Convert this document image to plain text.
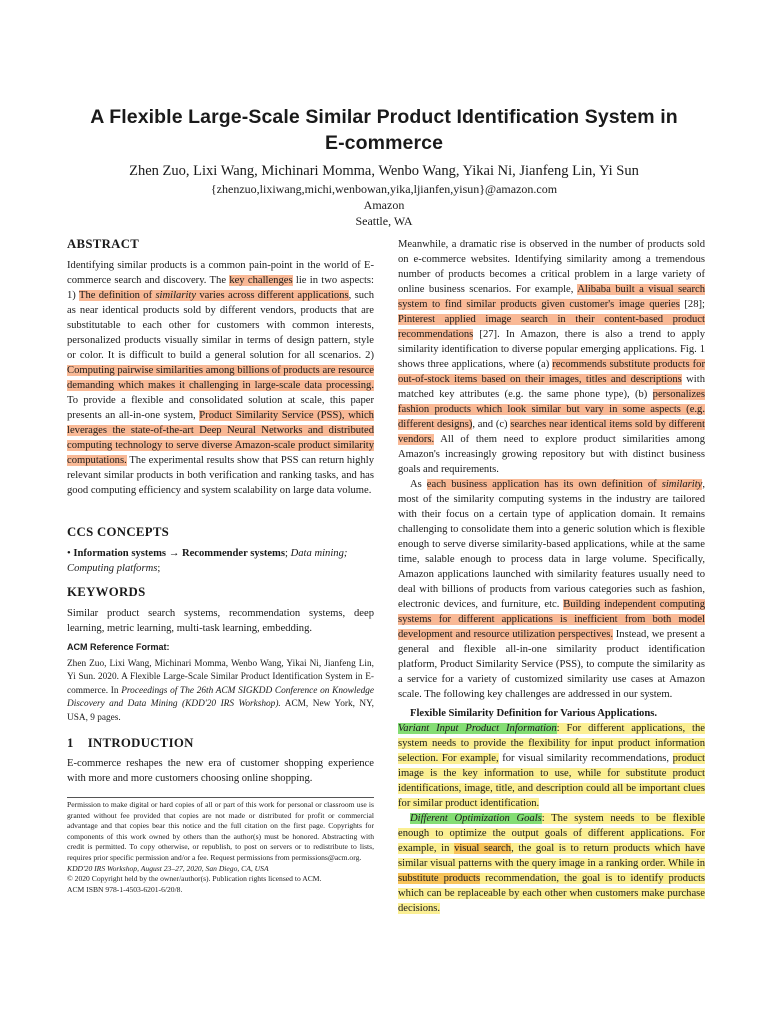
A Flexible Large-Scale Similar Product Identification System in
E-commerce
Zhen Zuo, Lixi Wang, Michinari Momma, Wenbo Wang, Yikai Ni, Jianfeng Lin, Yi Sun
{zhenzuo,lixiwang,michi,wenbowan,yika,ljianfen,yisun}@amazon.com
Amazon
Seattle, WA
ABSTRACT

Identifying similar products is a common pain-point in the world of E-commerce search and discovery. The key challenges lie in two aspects: 1) The definition of similarity varies across different applications, such as near identical products sold by different vendors, products that are substitutable to each other for customers with common interests, personalized products visually similar in terms of design pattern, style or color. It is difficult to build a general solution for all scenarios. 2) Computing pairwise similarities among billions of products are resource demanding which makes it challenging in large-scale data processing. To provide a flexible and consolidated solution at scale, this paper presents an all-in-one system, Product Similarity Service (PSS), which leverages the state-of-the-art Deep Neural Networks and distributed computing technology to serve diverse Amazon-scale product similarity computations. The experimental results show that PSS can return highly relevant similar products in both verification and ranking tasks, and has good computing efficiency and system scalability on large data volume.

CCS CONCEPTS

• Information systems → Recommender systems; Data mining; Computing platforms;

KEYWORDS

Similar product search systems, recommendation systems, deep learning, metric learning, multi-task learning, embedding.

ACM Reference Format:

Zhen Zuo, Lixi Wang, Michinari Momma, Wenbo Wang, Yikai Ni, Jianfeng Lin, Yi Sun. 2020. A Flexible Large-Scale Similar Product Identification System in E-commerce. In Proceedings of The 26th ACM SIGKDD Conference on Knowledge Discovery and Data Mining (KDD'20 IRS Workshop). ACM, New York, NY, USA, 9 pages.

1 INTRODUCTION

E-commerce reshapes the new era of customer shopping experience with more and more customers choosing online shopping.

Permission to make digital or hard copies of all or part of this work for personal or classroom use is granted without fee provided that copies are not made or distributed for profit or commercial advantage and that copies bear this notice and the full citation on the first page. Copyrights for components of this work owned by others than the author(s) must be honored. Abstracting with credit is permitted. To copy otherwise, or republish, to post on servers or to redistribute to lists, requires prior specific permission and/or a fee. Request permissions from permissions@acm.org.

KDD'20 IRS Workshop, August 23–27, 2020, San Diego, CA, USA

© 2020 Copyright held by the owner/author(s). Publication rights licensed to ACM.

ACM ISBN 978-1-4503-6201-6/20/8.

Meanwhile, a dramatic rise is observed in the number of products sold on e-commerce websites. Identifying similarity among a tremendous number of products becomes a critical problem in a large variety of online business scenarios. For example, Alibaba built a visual search system to find similar products given customer's image queries [28]; Pinterest applied image search in their content-based product recommendations [27]. In Amazon, there is also a trend to apply similarity identification to diverse popular emerging applications. Fig. 1 shows three applications, where (a) recommends substitute products for out-of-stock items based on their images, titles and descriptions with matched key attributes (e.g. the same phone type), (b) personalizes fashion products which look similar but vary in some aspects (e.g. different designs), and (c) searches near identical items sold by different vendors. All of them need to explore product similarities among Amazon's increasingly growing repository but with distinct business goals and requirements.

As each business application has its own definition of similarity, most of the similarity computing systems in the industry are tailored with their focus on a certain type of application domain. It remains challenging to consolidate them into a generic solution which is flexible enough to serve diverse similarity-based applications, while at the same time, salable enough to process data in large volume. Specifically, Amazon applications launched with similarity features usually need to deal with billions of products from various categories such as fashion, electronic devices, and furniture, etc. Building independent computing systems for different applications is inefficient from both model development and resource utilization perspectives. Instead, we present a general and flexible all-in-one similarity product identification platform, Product Similarity Service (PSS), to compute the similarity as a service for a variety of customized similarity use cases at Amazon scale. The following key challenges are addressed in our system.

Flexible Similarity Definition for Various Applications.

Variant Input Product Information: For different applications, the system needs to provide the flexibility for input product information selection. For example, for visual similarity recommendations, product image is the key information to use, while for substitute product identifications, image, title, and description could all be important clues for similar product identification.

Different Optimization Goals: The system needs to be flexible enough to optimize the output goals of different applications. For example, in visual search, the goal is to return products which have similar visual patterns with the query image in a ranking order. While in substitute products recommendation, the goal is to identify products which can be replaceable by each other when customers make purchase decisions.
